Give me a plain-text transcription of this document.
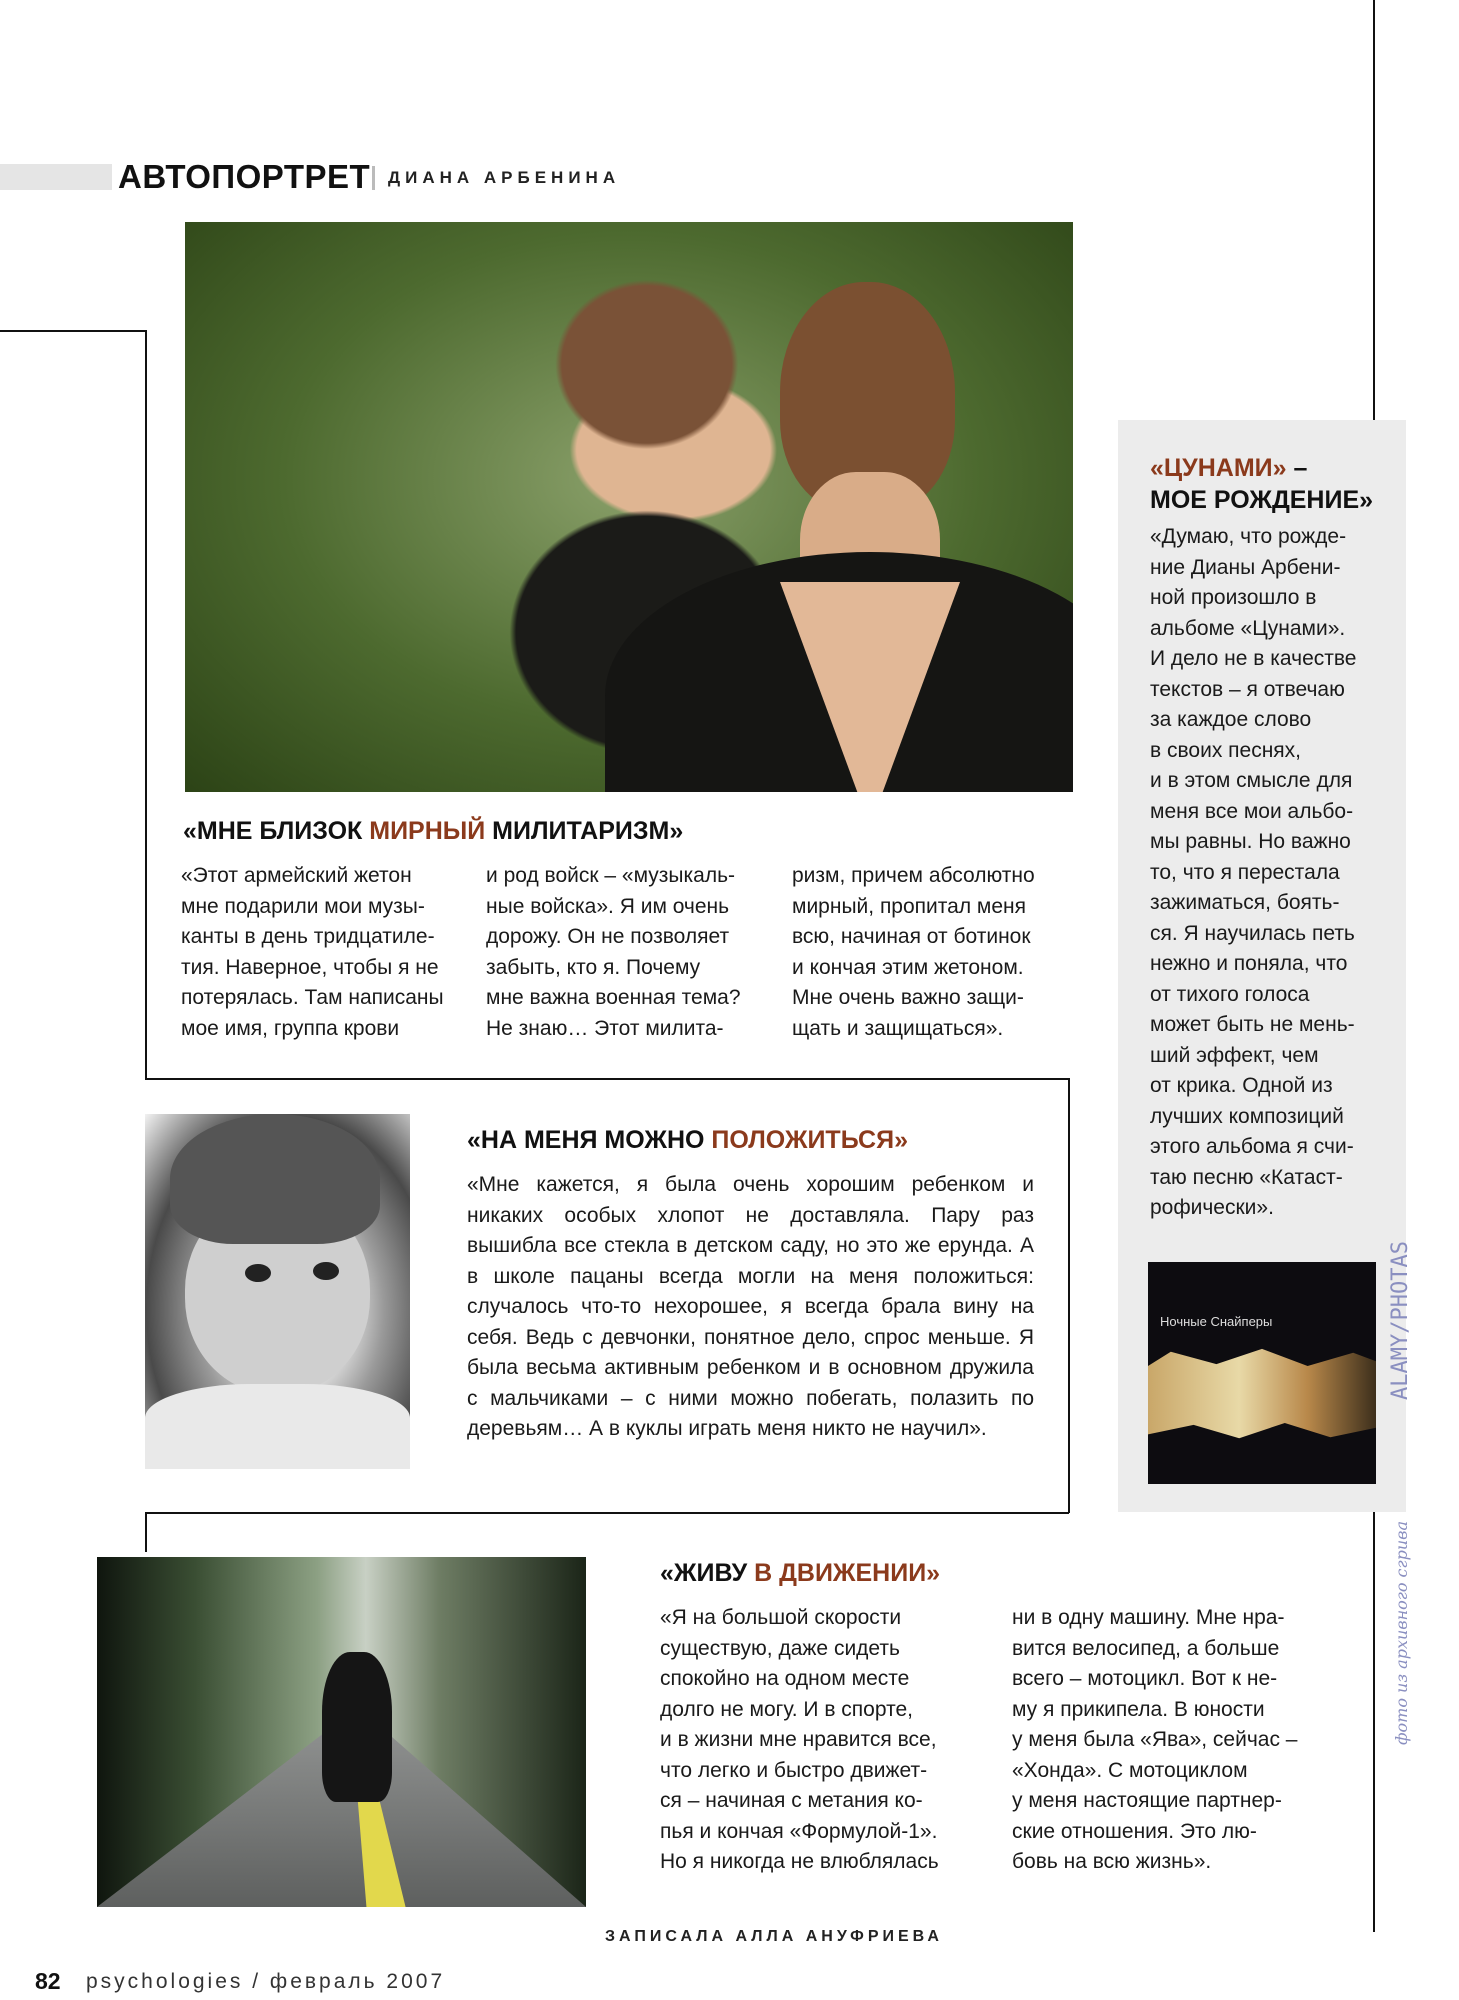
АВТОПОРТРЕТ ДИАНА АРБЕНИНА
«МНЕ БЛИЗОК МИРНЫЙ МИЛИТАРИЗМ»
«Этот армейский жетон
мне подарили мои музы-
канты в день тридцатиле-
тия. Наверное, чтобы я не
потерялась. Там написаны
мое имя, группа крови
и род войск – «музыкаль-
ные войска». Я им очень
дорожу. Он не позволяет
забыть, кто я. Почему
мне важна военная тема?
Не знаю… Этот милита-
ризм, причем абсолютно
мирный, пропитал меня
всю, начиная от ботинок
и кончая этим жетоном.
Мне очень важно защи-
щать и защищаться».
«НА МЕНЯ МОЖНО ПОЛОЖИТЬСЯ»
«Мне кажется, я была очень хорошим ребенком и никаких особых хлопот не доставляла. Пару раз вышибла все стекла в детском саду, но это же ерунда. А в школе пацаны всегда могли на меня положиться: случалось что-то нехорошее, я всегда брала вину на себя. Ведь с девчонки, понятное дело, спрос меньше. Я была весьма активным ребенком и в основном дружила с мальчиками – с ними можно побегать, полазить по деревьям… А в куклы играть меня никто не научил».
«ЖИВУ В ДВИЖЕНИИ»
«Я на большой скорости
существую, даже сидеть
спокойно на одном месте
долго не могу. И в спорте,
и в жизни мне нравится все,
что легко и быстро движет-
ся – начиная с метания ко-
пья и кончая «Формулой-1».
Но я никогда не влюблялась
ни в одну машину. Мне нра-
вится велосипед, а больше
всего – мотоцикл. Вот к не-
му я прикипела. В юности
у меня была «Ява», сейчас –
«Хонда». С мотоциклом
у меня настоящие партнер-
ские отношения. Это лю-
бовь на всю жизнь».
«ЦУНАМИ» –
МОЕ РОЖДЕНИЕ»
«Думаю, что рожде-
ние Дианы Арбени-
ной произошло в
альбоме «Цунами».
И дело не в качестве
текстов – я отвечаю
за каждое слово
в своих песнях,
и в этом смысле для
меня все мои альбо-
мы равны. Но важно
то, что я перестала
зажиматься, боять-
ся. Я научилась петь
нежно и поняла, что
от тихого голоса
может быть не мень-
ший эффект, чем
от крика. Одной из
лучших композиций
этого альбома я счи-
таю песню «Катаст-
рофически».
Ночные Снайперы	ALAMY/PHOTAS
фото из архивного сгрива
ЗАПИСАЛА АЛЛА АНУФРИЕВА
82 psychologies / февраль 2007
